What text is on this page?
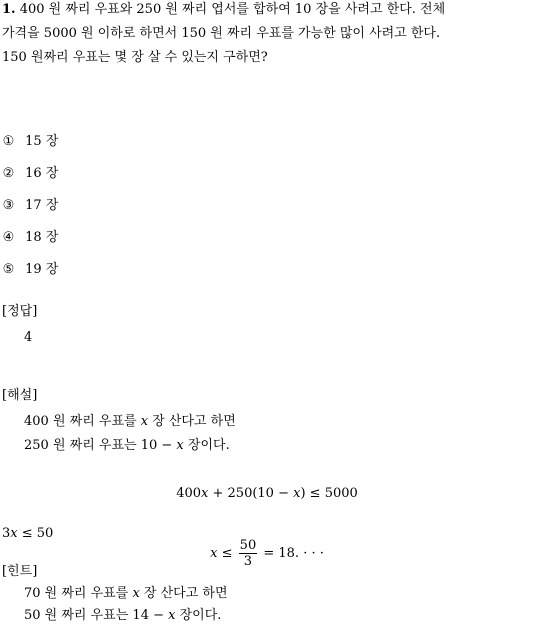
1. 400 원 짜리 우표와 250 원 짜리 엽서를 합하여 10 장을 사려고 한다. 전체
가격을 5000 원 이하로 하면서 150 원 짜리 우표를 가능한 많이 사려고 한다.
150 원짜리 우표는 몇 장 살 수 있는지 구하면?
① 15 장
② 16 장
③ 17 장
④ 18 장
⑤ 19 장
[정답]
4
[해설]
400 원 짜리 우표를 x 장 산다고 하면
250 원 짜리 우표는 10 − x 장이다.
400x + 250(10 − x) ≤ 5000
3x ≤ 50
$x \le \frac{50}{3} = 18$. · · ·
[힌트]
70 원 짜리 우표를 x 장 산다고 하면
50 원 짜리 우표는 14 − x 장이다.
